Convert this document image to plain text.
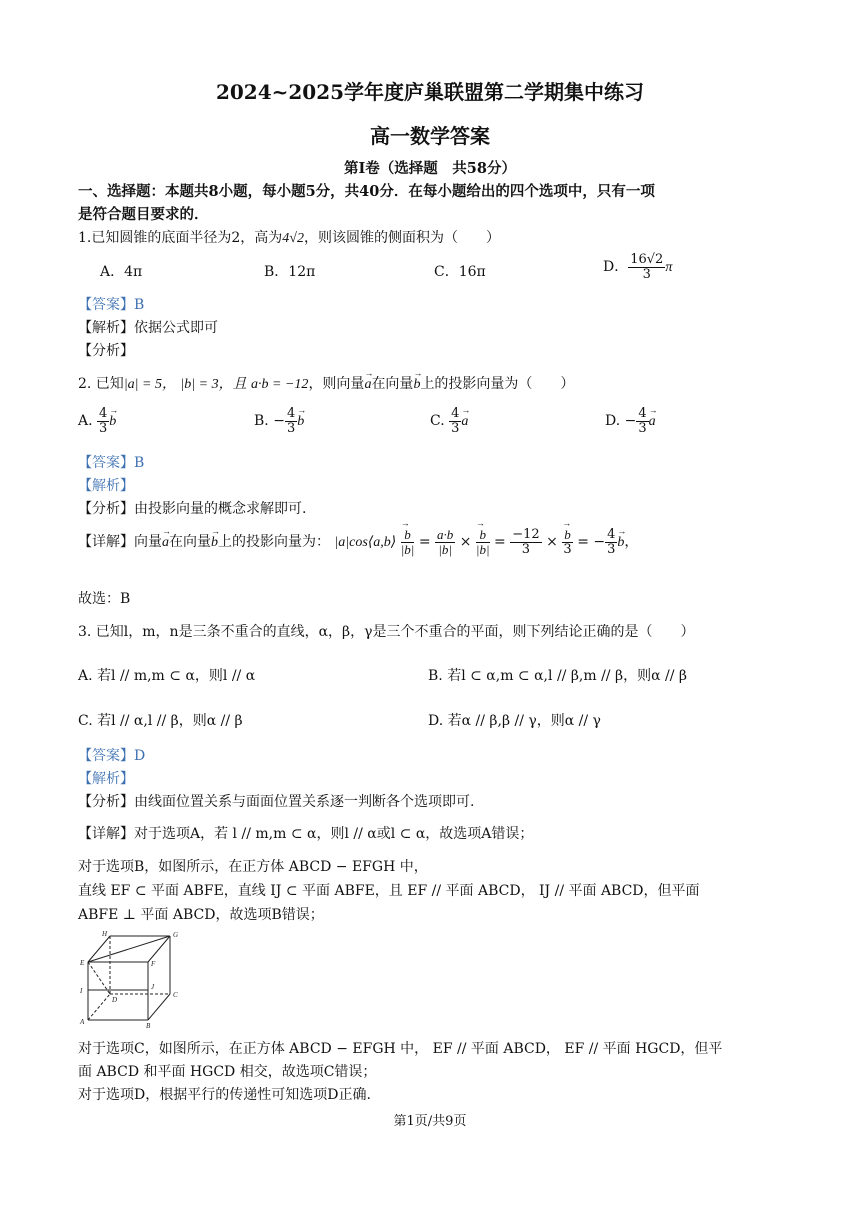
2024~2025学年度庐巢联盟第二学期集中练习
高一数学答案
第Ⅰ卷（选择题　共58分）
一、选择题：本题共8小题，每小题5分，共40分．在每小题给出的四个选项中，只有一项
是符合题目要求的．
1.已知圆锥的底面半径为2，高为4√2，则该圆锥的侧面积为（　　）
A．4π	B．12π	C．16π	D． $\frac{16√2}{3}$ π
【答案】B
【解析】依据公式即可
【分析】
2. 已知|a| = 5， |b| = 3，且 a·b = −12，则向量→ a在向量→ b上的投影向量为（　　）
A. $\frac{4}{3}$
→ b	B. − $\frac{4}{3}$
→ b	C. $\frac{4}{3}$
→ a	D. − $\frac{4}{3}$
→ a
【答案】B
【解析】
【分析】由投影向量的概念求解即可.
【详解】向量→ a在向量→ b上的投影向量为： |a|cos⟨a,b⟩
→ $\frac{b}{|b|} = \frac{a\cdot b}{|b|}$ ×
→ $\frac{b}{|b|} = \frac{-12}{3}$ ×
→ $\frac{b}{3}$ = − $\frac{4}{3}$
→ b，
故选：B
3. 已知l，m，n是三条不重合的直线，α，β，γ是三个不重合的平面，则下列结论正确的是（　　）
A. 若l // m,m ⊂ α，则l // α	B. 若l ⊂ α,m ⊂ α,l // β,m // β，则α // β
C. 若l // α,l // β，则α // β	D. 若α // β,β // γ，则α // γ
【答案】D
【解析】
【分析】由线面位置关系与面面位置关系逐一判断各个选项即可.
【详解】对于选项A，若 l // m,m ⊂ α，则l // α或l ⊂ α，故选项A错误；
对于选项B，如图所示，在正方体 ABCD − EFGH 中，
直线 EF ⊂ 平面 ABFE，直线 IJ ⊂ 平面 ABFE，且 EF // 平面 ABCD， IJ // 平面 ABCD，但平面
ABFE ⊥ 平面 ABCD，故选项B错误；
H	G
E	F
I	J
D
C
A	B
对于选项C，如图所示，在正方体 ABCD − EFGH 中， EF // 平面 ABCD， EF // 平面 HGCD，但平
面 ABCD 和平面 HGCD 相交，故选项C错误；
对于选项D，根据平行的传递性可知选项D正确.
第1页/共9页
